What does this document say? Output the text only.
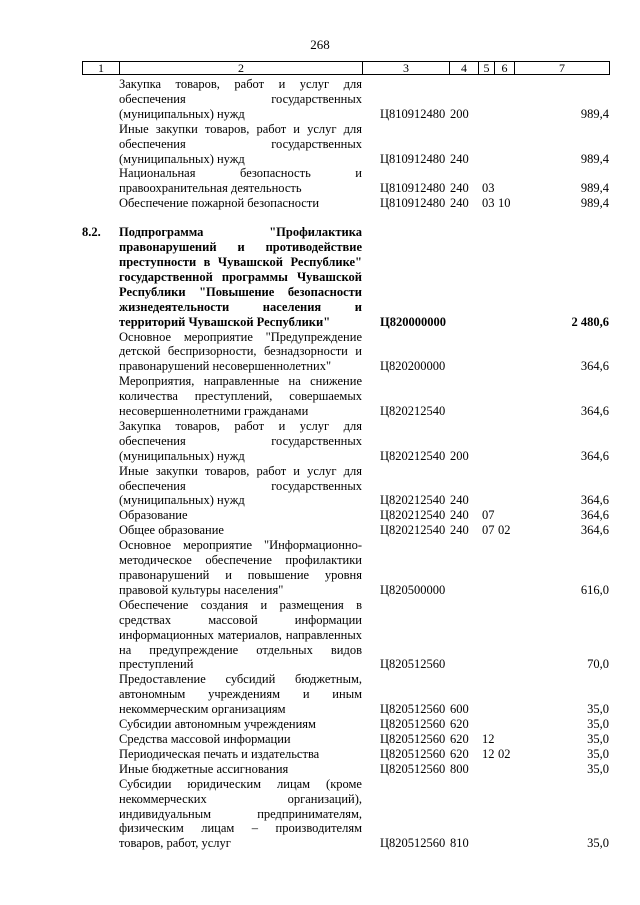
268
1	2	3	4	5	6	7
Закупка товаров, работ и услуг для обеспечения государственных (муниципальных) нужд	Ц810912480 200	989,4
Иные закупки товаров, работ и услуг для обеспечения государственных (муниципальных) нужд	Ц810912480 240	989,4
Национальная безопасность и правоохранительная деятельность	Ц810912480 240	03	989,4
Обеспечение пожарной безопасности	Ц810912480 240	03 10	989,4
8.2.	Подпрограмма "Профилактика правонарушений и противодействие преступности в Чувашской Республике" государственной программы Чувашской Республики "Повышение безопасности жизнедеятельности населения и территорий Чувашской Республики"	Ц820000000	2 480,6
Основное мероприятие "Предупреждение детской беспризорности, безнадзорности и правонарушений несовершеннолетних"	Ц820200000	364,6
Мероприятия, направленные на снижение количества преступлений, совершаемых несовершеннолетними гражданами	Ц820212540	364,6
Закупка товаров, работ и услуг для обеспечения государственных (муниципальных) нужд	Ц820212540 200	364,6
Иные закупки товаров, работ и услуг для обеспечения государственных (муниципальных) нужд	Ц820212540 240	364,6
Образование	Ц820212540 240	07	364,6
Общее образование	Ц820212540 240	07 02	364,6
Основное мероприятие "Информационно-методическое обеспечение профилактики правонарушений и повышение уровня правовой культуры населения"	Ц820500000	616,0
Обеспечение создания и размещения в средствах массовой информации информационных материалов, направленных на предупреждение отдельных видов преступлений	Ц820512560	70,0
Предоставление субсидий бюджетным, автономным учреждениям и иным некоммерческим организациям	Ц820512560 600	35,0
Субсидии автономным учреждениям	Ц820512560 620	35,0
Средства массовой информации	Ц820512560 620	12	35,0
Периодическая печать и издательства	Ц820512560 620	12 02	35,0
Иные бюджетные ассигнования	Ц820512560 800	35,0
Субсидии юридическим лицам (кроме некоммерческих организаций), индивидуальным предпринимателям, физическим лицам – производителям товаров, работ, услуг	Ц820512560 810	35,0
